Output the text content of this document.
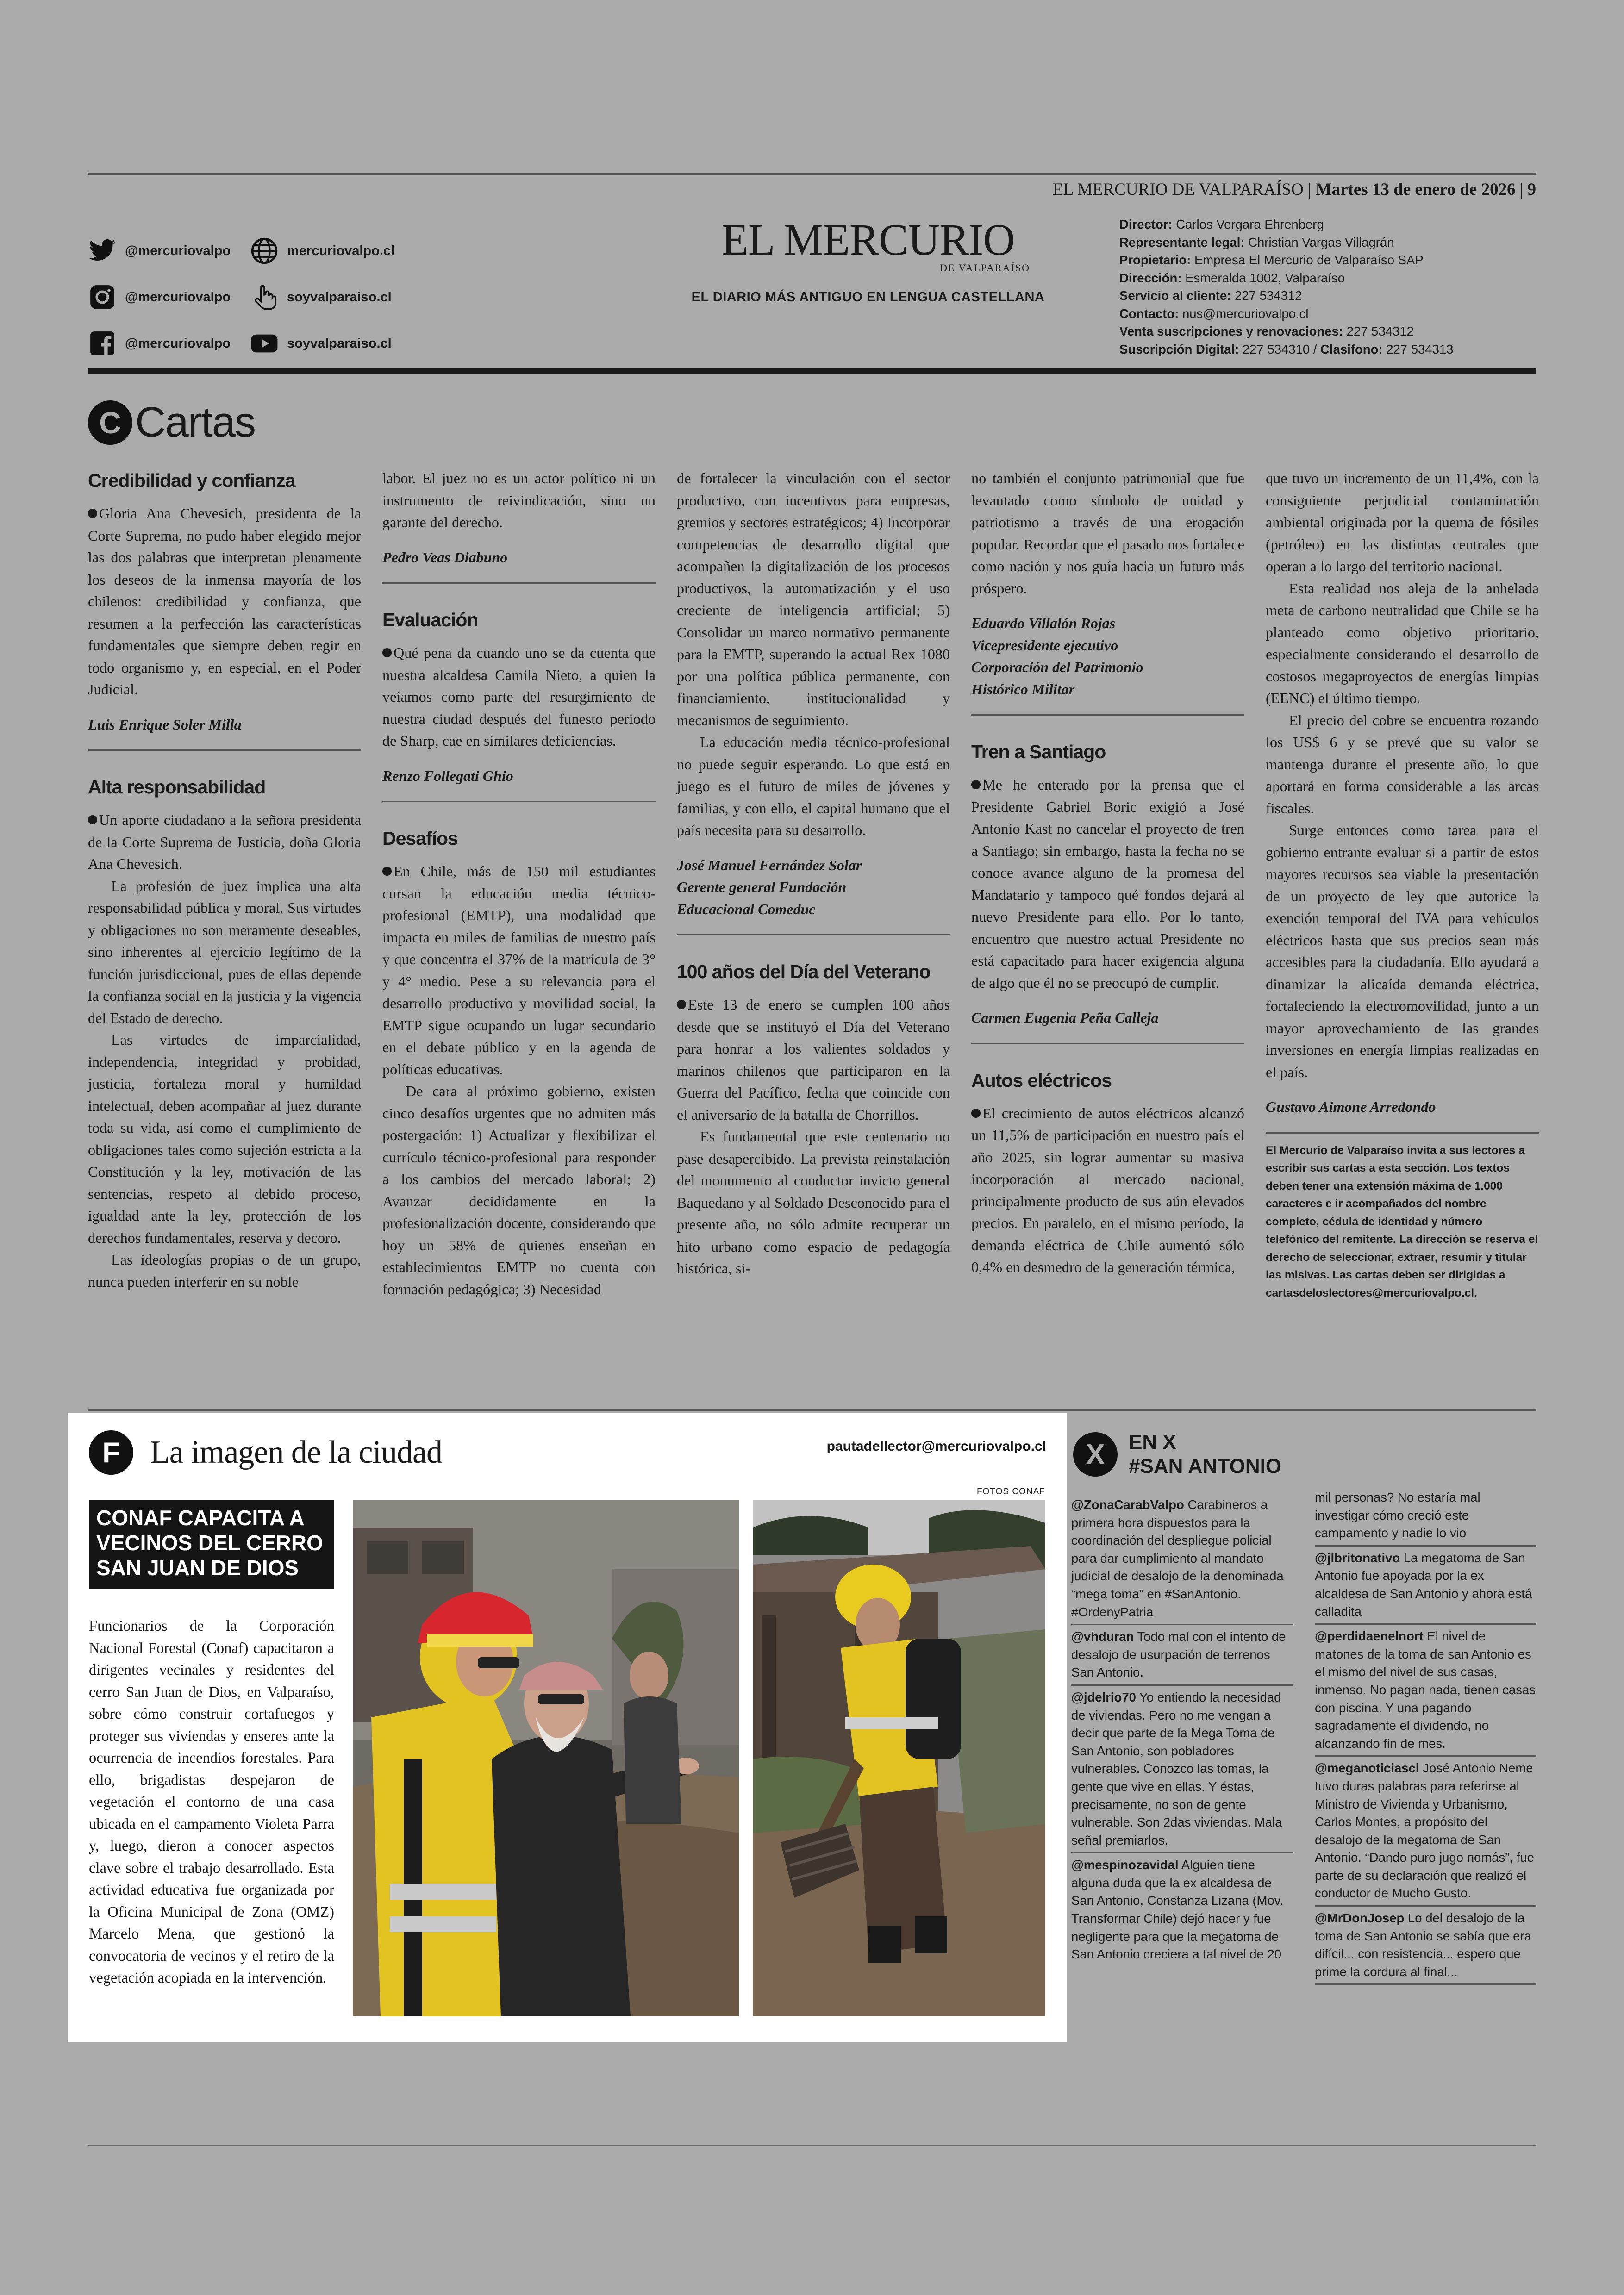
EL MERCURIO DE VALPARAÍSO | Martes 13 de enero de 2026 | 9
@mercuriovalpo	mercuriovalpo.cl
@mercuriovalpo	soyvalparaiso.cl
@mercuriovalpo	soyvalparaiso.cl
EL MERCURIO
DE VALPARAÍSO
EL DIARIO MÁS ANTIGUO EN LENGUA CASTELLANA
Director: Carlos Vergara Ehrenberg
Representante legal: Christian Vargas Villagrán
Propietario: Empresa El Mercurio de Valparaíso SAP
Dirección: Esmeralda 1002, Valparaíso
Servicio al cliente: 227 534312
Contacto: nus@mercuriovalpo.cl
Venta suscripciones y renovaciones: 227 534312
Suscripción Digital: 227 534310 / Clasifono: 227 534313
C Cartas
Credibilidad y confianza

Gloria Ana Chevesich, presidenta de la Corte Suprema, no pudo haber elegido mejor las dos palabras que interpretan plenamente los deseos de la inmensa mayoría de los chilenos: credibilidad y confianza, que resumen a la perfección las características fundamentales que siempre deben regir en todo organismo y, en especial, en el Poder Judicial.

Luis Enrique Soler Milla

Alta responsabilidad

Un aporte ciudadano a la señora presidenta de la Corte Suprema de Justicia, doña Gloria Ana Chevesich.

La profesión de juez implica una alta responsabilidad pública y moral. Sus virtudes y obligaciones no son meramente deseables, sino inherentes al ejercicio legítimo de la función jurisdiccional, pues de ellas depende la confianza social en la justicia y la vigencia del Estado de derecho.

Las virtudes de imparcialidad, independencia, integridad y probidad, justicia, fortaleza moral y humildad intelectual, deben acompañar al juez durante toda su vida, así como el cumplimiento de obligaciones tales como sujeción estricta a la Constitución y la ley, motivación de las sentencias, respeto al debido proceso, igualdad ante la ley, protección de los derechos fundamentales, reserva y decoro.

Las ideologías propias o de un grupo, nunca pueden interferir en su noble

labor. El juez no es un actor político ni un instrumento de reivindicación, sino un garante del derecho.

Pedro Veas Diabuno

Evaluación

Qué pena da cuando uno se da cuenta que nuestra alcaldesa Camila Nieto, a quien la veíamos como parte del resurgimiento de nuestra ciudad después del funesto periodo de Sharp, cae en similares deficiencias.

Renzo Follegati Ghio

Desafíos

En Chile, más de 150 mil estudiantes cursan la educación media técnico-profesional (EMTP), una modalidad que impacta en miles de familias de nuestro país y que concentra el 37% de la matrícula de 3° y 4° medio. Pese a su relevancia para el desarrollo productivo y movilidad social, la EMTP sigue ocupando un lugar secundario en el debate público y en la agenda de políticas educativas.

De cara al próximo gobierno, existen cinco desafíos urgentes que no admiten más postergación: 1) Actualizar y flexibilizar el currículo técnico-profesional para responder a los cambios del mercado laboral; 2) Avanzar decididamente en la profesionalización docente, considerando que hoy un 58% de quienes enseñan en establecimientos EMTP no cuenta con formación pedagógica; 3) Necesidad

de fortalecer la vinculación con el sector productivo, con incentivos para empresas, gremios y sectores estratégicos; 4) Incorporar competencias de desarrollo digital que acompañen la digitalización de los procesos productivos, la automatización y el uso creciente de inteligencia artificial; 5) Consolidar un marco normativo permanente para la EMTP, superando la actual Rex 1080 por una política pública permanente, con financiamiento, institucionalidad y mecanismos de seguimiento.

La educación media técnico-profesional no puede seguir esperando. Lo que está en juego es el futuro de miles de jóvenes y familias, y con ello, el capital humano que el país necesita para su desarrollo.

José Manuel Fernández Solar

Gerente general Fundación

Educacional Comeduc

100 años del Día del Veterano

Este 13 de enero se cumplen 100 años desde que se instituyó el Día del Veterano para honrar a los valientes soldados y marinos chilenos que participaron en la Guerra del Pacífico, fecha que coincide con el aniversario de la batalla de Chorrillos.

Es fundamental que este centenario no pase desapercibido. La prevista reinstalación del monumento al conductor invicto general Baquedano y al Soldado Desconocido para el presente año, no sólo admite recuperar un hito urbano como espacio de pedagogía histórica, si-

no también el conjunto patrimonial que fue levantado como símbolo de unidad y patriotismo a través de una erogación popular. Recordar que el pasado nos fortalece como nación y nos guía hacia un futuro más próspero.

Eduardo Villalón Rojas

Vicepresidente ejecutivo

Corporación del Patrimonio

Histórico Militar

Tren a Santiago

Me he enterado por la prensa que el Presidente Gabriel Boric exigió a José Antonio Kast no cancelar el proyecto de tren a Santiago; sin embargo, hasta la fecha no se conoce avance alguno de la promesa del Mandatario y tampoco qué fondos dejará al nuevo Presidente para ello. Por lo tanto, encuentro que nuestro actual Presidente no está capacitado para hacer exigencia alguna de algo que él no se preocupó de cumplir.

Carmen Eugenia Peña Calleja

Autos eléctricos

El crecimiento de autos eléctricos alcanzó un 11,5% de participación en nuestro país el año 2025, sin lograr aumentar su masiva incorporación al mercado nacional, principalmente producto de sus aún elevados precios. En paralelo, en el mismo período, la demanda eléctrica de Chile aumentó sólo 0,4% en desmedro de la generación térmica,

que tuvo un incremento de un 11,4%, con la consiguiente perjudicial contaminación ambiental originada por la quema de fósiles (petróleo) en las distintas centrales que operan a lo largo del territorio nacional.

Esta realidad nos aleja de la anhelada meta de carbono neutralidad que Chile se ha planteado como objetivo prioritario, especialmente considerando el desarrollo de costosos megaproyectos de energías limpias (EENC) el último tiempo.

El precio del cobre se encuentra rozando los US$ 6 y se prevé que su valor se mantenga durante el presente año, lo que aportará en forma considerable a las arcas fiscales.

Surge entonces como tarea para el gobierno entrante evaluar si a partir de estos mayores recursos sea viable la presentación de un proyecto de ley que autorice la exención temporal del IVA para vehículos eléctricos hasta que sus precios sean más accesibles para la ciudadanía. Ello ayudará a dinamizar la alicaída demanda eléctrica, fortaleciendo la electromovilidad, junto a un mayor aprovechamiento de las grandes inversiones en energía limpias realizadas en el país.

Gustavo Aimone Arredondo

El Mercurio de Valparaíso invita a sus lectores a escribir sus cartas a esta sección. Los textos deben tener una extensión máxima de 1.000 caracteres e ir acompañados del nombre completo, cédula de identidad y número telefónico del remitente. La dirección se reserva el derecho de seleccionar, extraer, resumir y titular las misivas. Las cartas deben ser dirigidas a cartasdeloslectores@mercuriovalpo.cl.
F La imagen de la ciudad	pautadellector@mercuriovalpo.cl
FOTOS CONAF
CONAF CAPACITA A VECINOS DEL CERRO SAN JUAN DE DIOS

Funcionarios de la Corporación Nacional Forestal (Conaf) capacitaron a dirigentes vecinales y residentes del cerro San Juan de Dios, en Valparaíso, sobre cómo construir cortafuegos y proteger sus viviendas y enseres ante la ocurrencia de incendios forestales. Para ello, brigadistas despejaron de vegetación el contorno de una casa ubicada en el campamento Violeta Parra y, luego, dieron a conocer aspectos clave sobre el trabajo desarrollado. Esta actividad educativa fue organizada por la Oficina Municipal de Zona (OMZ) Marcelo Mena, que gestionó la convocatoria de vecinos y el retiro de la vegetación acopiada en la intervención.

X	EN X
#SAN ANTONIO

@ZonaCarabValpo Carabineros a primera hora dispuestos para la coordinación del despliegue policial para dar cumplimiento al mandato judicial de desalojo de la denominada “mega toma” en #SanAntonio. #OrdenyPatria

@vhduran Todo mal con el intento de desalojo de usurpación de terrenos San Antonio.

@jdelrio70 Yo entiendo la necesidad de viviendas. Pero no me vengan a decir que parte de la Mega Toma de San Antonio, son pobladores vulnerables. Conozco las tomas, la gente que vive en ellas. Y éstas, precisamente, no son de gente vulnerable. Son 2das viviendas. Mala señal premiarlos.

@mespinozavidal Alguien tiene alguna duda que la ex alcaldesa de San Antonio, Constanza Lizana (Mov. Transformar Chile) dejó hacer y fue negligente para que la megatoma de San Antonio creciera a tal nivel de 20

mil personas? No estaría mal investigar cómo creció este campamento y nadie lo vio

@jlbritonativo La megatoma de San Antonio fue apoyada por la ex alcaldesa de San Antonio y ahora está calladita

@perdidaenelnort El nivel de matones de la toma de san Antonio es el mismo del nivel de sus casas, inmenso. No pagan nada, tienen casas con piscina. Y una pagando sagradamente el dividendo, no alcanzando fin de mes.

@meganoticiascl José Antonio Neme tuvo duras palabras para referirse al Ministro de Vivienda y Urbanismo, Carlos Montes, a propósito del desalojo de la megatoma de San Antonio. “Dando puro jugo nomás”, fue parte de su declaración que realizó el conductor de Mucho Gusto.

@MrDonJosep Lo del desalojo de la toma de San Antonio se sabía que era difícil... con resistencia... espero que prime la cordura al final...
